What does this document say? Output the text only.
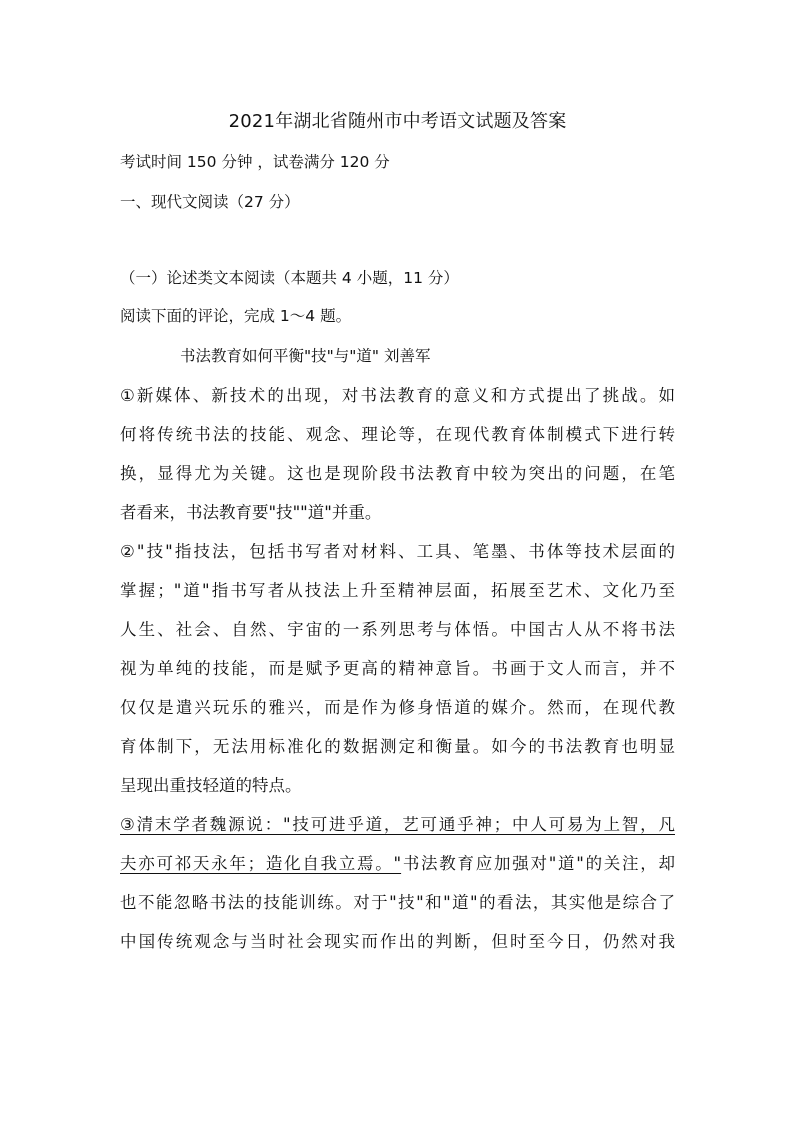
2021年湖北省随州市中考语文试题及答案
考试时间 150 分钟 ，试卷满分 120 分
一、现代文阅读（27 分）
（一）论述类文本阅读（本题共 4 小题，11 分）
阅读下面的评论，完成 1～4 题。
书法教育如何平衡"技"与"道" 刘善军
①新媒体、新技术的出现，对书法教育的意义和方式提出了挑战。如
何将传统书法的技能、观念、理论等，在现代教育体制模式下进行转
换，显得尤为关键。这也是现阶段书法教育中较为突出的问题，在笔
者看来，书法教育要"技""道"并重。
②"技"指技法，包括书写者对材料、工具、笔墨、书体等技术层面的
掌握；"道"指书写者从技法上升至精神层面，拓展至艺术、文化乃至
人生、社会、自然、宇宙的一系列思考与体悟。中国古人从不将书法
视为单纯的技能，而是赋予更高的精神意旨。书画于文人而言，并不
仅仅是遣兴玩乐的雅兴，而是作为修身悟道的媒介。然而，在现代教
育体制下，无法用标准化的数据测定和衡量。如今的书法教育也明显
呈现出重技轻道的特点。
③清末学者魏源说："技可进乎道，艺可通乎神；中人可易为上智，凡
夫亦可祁天永年；造化自我立焉。"书法教育应加强对"道"的关注，却
也不能忽略书法的技能训练。对于"技"和"道"的看法，其实他是综合了
中国传统观念与当时社会现实而作出的判断，但时至今日，仍然对我
